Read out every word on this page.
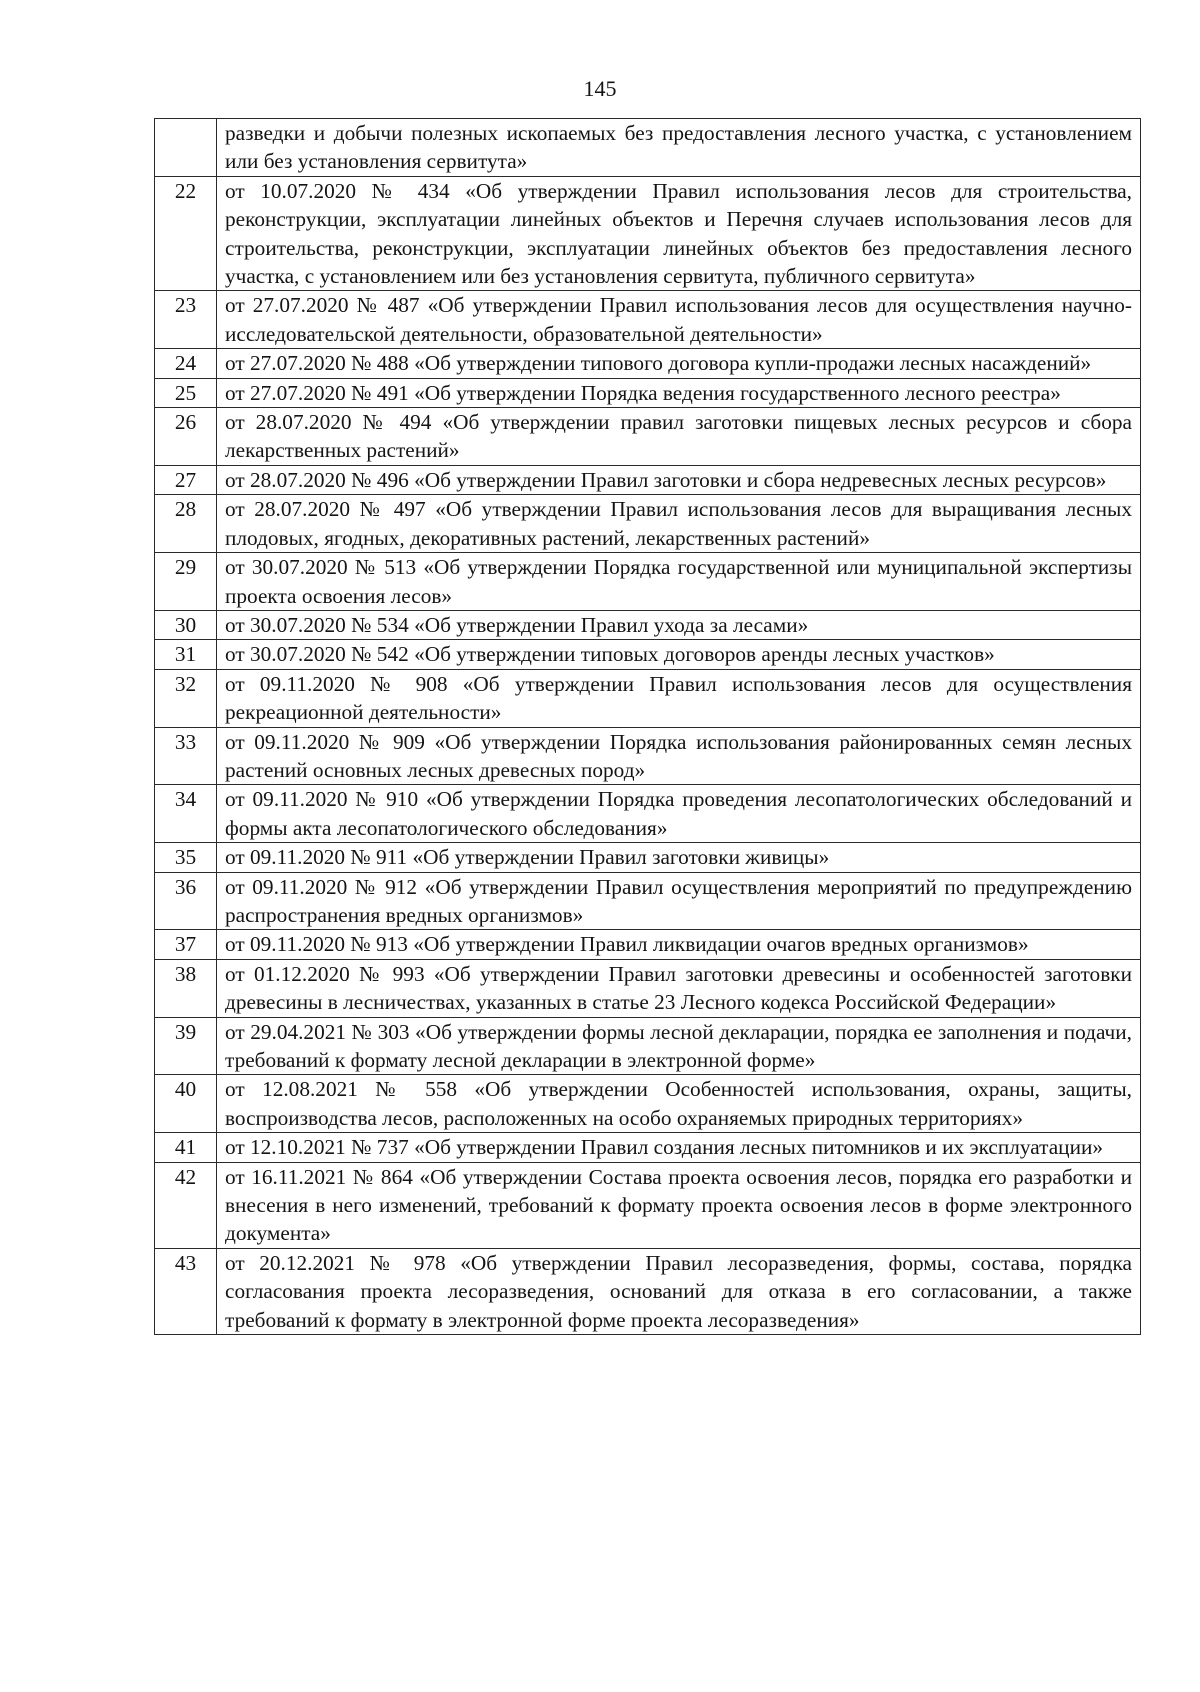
145
	разведки и добычи полезных ископаемых без предоставления лесного участка, с установлением или без установления сервитута»
22	от 10.07.2020 № 434 «Об утверждении Правил использования лесов для строительства, реконструкции, эксплуатации линейных объектов и Перечня случаев использования лесов для строительства, реконструкции, эксплуатации линейных объектов без предоставления лесного участка, с установлением или без установления сервитута, публичного сервитута»
23	от 27.07.2020 № 487 «Об утверждении Правил использования лесов для осуществления научно-исследовательской деятельности, образовательной деятельности»
24	от 27.07.2020 № 488 «Об утверждении типового договора купли-продажи лесных насаждений»
25	от 27.07.2020 № 491 «Об утверждении Порядка ведения государственного лесного реестра»
26	от 28.07.2020 № 494 «Об утверждении правил заготовки пищевых лесных ресурсов и сбора лекарственных растений»
27	от 28.07.2020 № 496 «Об утверждении Правил заготовки и сбора недревесных лесных ресурсов»
28	от 28.07.2020 № 497 «Об утверждении Правил использования лесов для выращивания лесных плодовых, ягодных, декоративных растений, лекарственных растений»
29	от 30.07.2020 № 513 «Об утверждении Порядка государственной или муниципальной экспертизы проекта освоения лесов»
30	от 30.07.2020 № 534 «Об утверждении Правил ухода за лесами»
31	от 30.07.2020 № 542 «Об утверждении типовых договоров аренды лесных участков»
32	от 09.11.2020 № 908 «Об утверждении Правил использования лесов для осуществления рекреационной деятельности»
33	от 09.11.2020 № 909 «Об утверждении Порядка использования районированных семян лесных растений основных лесных древесных пород»
34	от 09.11.2020 № 910 «Об утверждении Порядка проведения лесопатологических обследований и формы акта лесопатологического обследования»
35	от 09.11.2020 № 911 «Об утверждении Правил заготовки живицы»
36	от 09.11.2020 № 912 «Об утверждении Правил осуществления мероприятий по предупреждению распространения вредных организмов»
37	от 09.11.2020 № 913 «Об утверждении Правил ликвидации очагов вредных организмов»
38	от 01.12.2020 № 993 «Об утверждении Правил заготовки древесины и особенностей заготовки древесины в лесничествах, указанных в статье 23 Лесного кодекса Российской Федерации»
39	от 29.04.2021 № 303 «Об утверждении формы лесной декларации, порядка ее заполнения и подачи, требований к формату лесной декларации в электронной форме»
40	от 12.08.2021 № 558 «Об утверждении Особенностей использования, охраны, защиты, воспроизводства лесов, расположенных на особо охраняемых природных территориях»
41	от 12.10.2021 № 737 «Об утверждении Правил создания лесных питомников и их эксплуатации»
42	от 16.11.2021 № 864 «Об утверждении Состава проекта освоения лесов, порядка его разработки и внесения в него изменений, требований к формату проекта освоения лесов в форме электронного документа»
43	от 20.12.2021 № 978 «Об утверждении Правил лесоразведения, формы, состава, порядка согласования проекта лесоразведения, оснований для отказа в его согласовании, а также требований к формату в электронной форме проекта лесоразведения»
